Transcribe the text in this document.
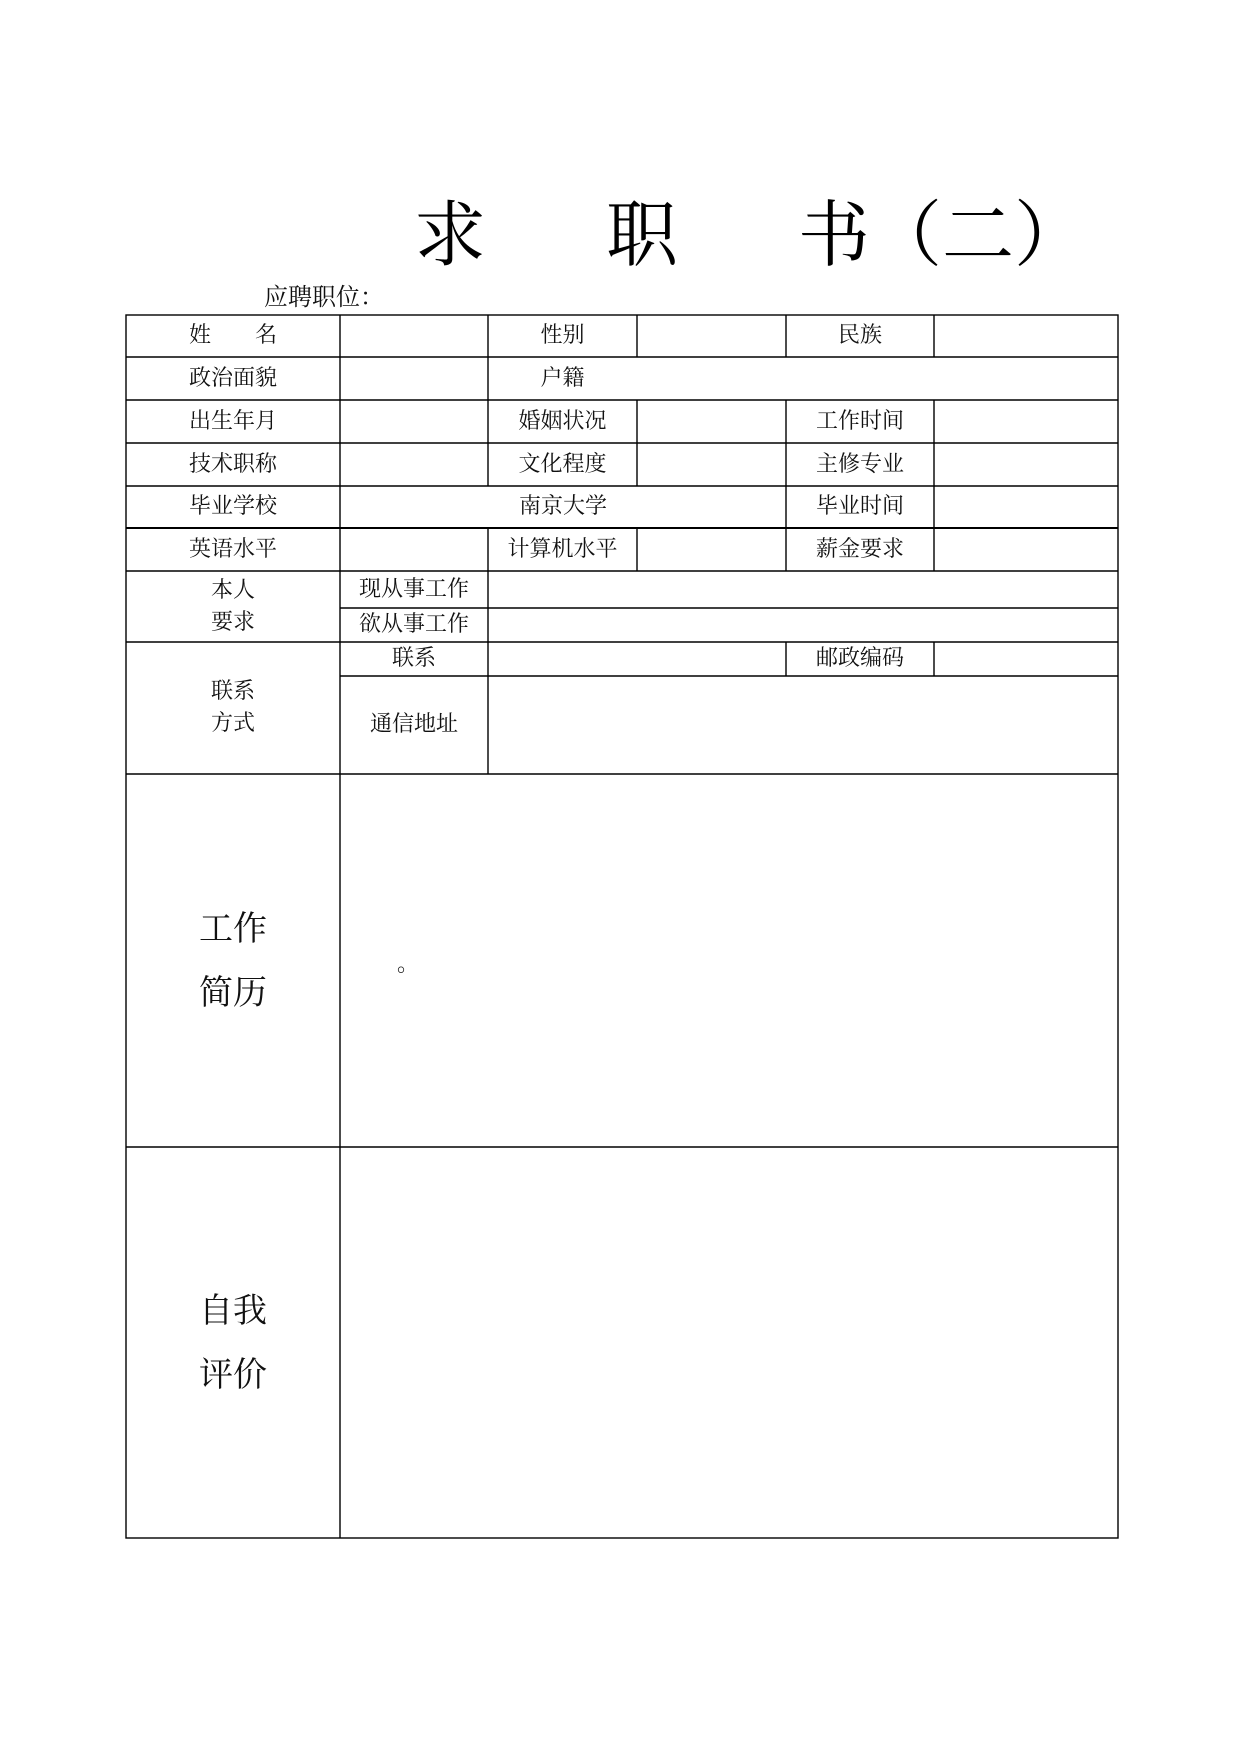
求 职 书（二）
应聘职位：
姓　　名	性别	民族
政治面貌	户籍
出生年月	婚姻状况	工作时间
技术职称	文化程度	主修专业
毕业学校	南京大学	毕业时间
英语水平	计算机水平	薪金要求
本人
要求
现从事工作
欲从事工作
联系
方式
联系	邮政编码
通信地址
工作
简历
。
自我
评价
